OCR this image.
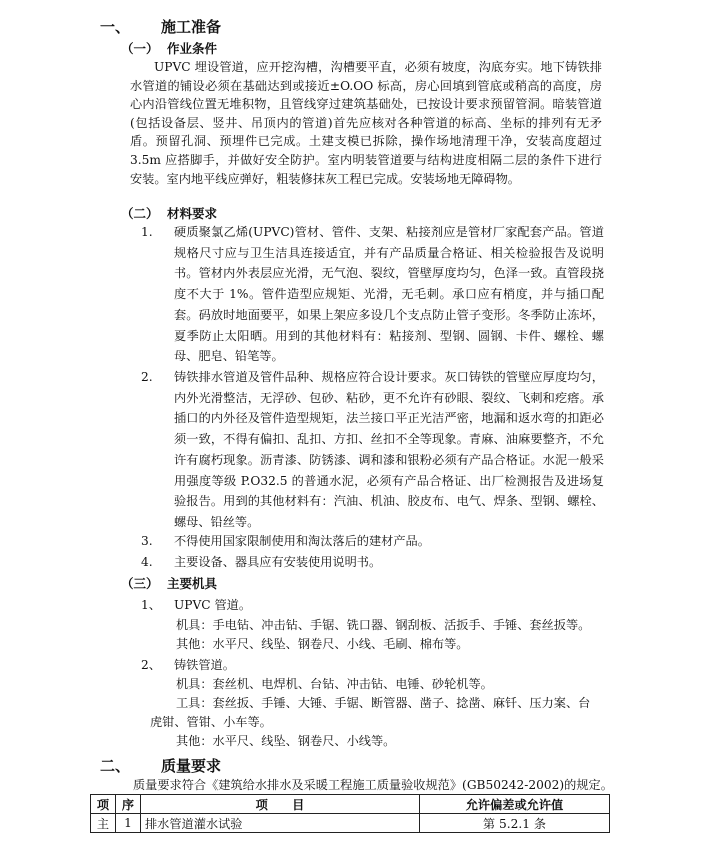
一、 施工准备
（一） 作业条件
UPVC 埋设管道，应开挖沟槽，沟槽要平直，必须有坡度，沟底夯实。地下铸铁排水管道的铺设必须在基础达到或接近±O.OO 标高，房心回填到管底或稍高的高度，房心内沿管线位置无堆积物，且管线穿过建筑基础处，已按设计要求预留管洞。暗装管道(包括设备层、竖井、吊顶内的管道)首先应核对各种管道的标高、坐标的排列有无矛盾。预留孔洞、预埋件已完成。土建支模已拆除，操作场地清理干净，安装高度超过 3.5m 应搭脚手，并做好安全防护。室内明装管道要与结构进度相隔二层的条件下进行安装。室内地平线应弹好，粗装修抹灰工程已完成。安装场地无障碍物。
（二） 材料要求
1. 硬质聚氯乙烯(UPVC)管材、管件、支架、粘接剂应是管材厂家配套产品。管道规格尺寸应与卫生洁具连接适宜，并有产品质量合格证、相关检验报告及说明书。管材内外表层应光滑，无气泡、裂纹，管壁厚度均匀，色泽一致。直管段挠度不大于 1%。管件造型应规矩、光滑，无毛刺。承口应有梢度，并与插口配套。码放时地面要平，如果上架应多设几个支点防止管子变形。冬季防止冻坏，夏季防止太阳晒。用到的其他材料有：粘接剂、型钢、圆钢、卡件、螺栓、螺母、肥皂、铅笔等。
2. 铸铁排水管道及管件品种、规格应符合设计要求。灰口铸铁的管壁应厚度均匀，内外光滑整洁，无浮砂、包砂、粘砂，更不允许有砂眼、裂纹、飞刺和疙瘩。承插口的内外径及管件造型规矩，法兰接口平正光洁严密，地漏和返水弯的扣距必须一致，不得有偏扣、乱扣、方扣、丝扣不全等现象。青麻、油麻要整齐，不允许有腐朽现象。沥青漆、防锈漆、调和漆和银粉必须有产品合格证。水泥一般采用强度等级 P.O32.5 的普通水泥，必须有产品合格证、出厂检测报告及进场复验报告。用到的其他材料有：汽油、机油、胶皮布、电气、焊条、型钢、螺栓、螺母、铅丝等。
3. 不得使用国家限制使用和淘汰落后的建材产品。
4. 主要设备、器具应有安装使用说明书。
（三） 主要机具
1、 UPVC 管道。
机具：手电钻、冲击钻、手锯、铣口器、钢刮板、活扳手、手锤、套丝扳等。
其他：水平尺、线坠、钢卷尺、小线、毛刷、棉布等。
2、 铸铁管道。
机具：套丝机、电焊机、台钻、冲击钻、电锤、砂轮机等。
工具：套丝扳、手锤、大锤、手锯、断管器、凿子、捻凿、麻钎、压力案、台
虎钳、管钳、小车等。
其他：水平尺、线坠、钢卷尺、小线等。
二、 质量要求
质量要求符合《建筑给水排水及采暖工程施工质量验收规范》(GB50242-2002)的规定。
项	序	项　　目	允许偏差或允许值
主	1	排水管道灌水试验	第 5.2.1 条
